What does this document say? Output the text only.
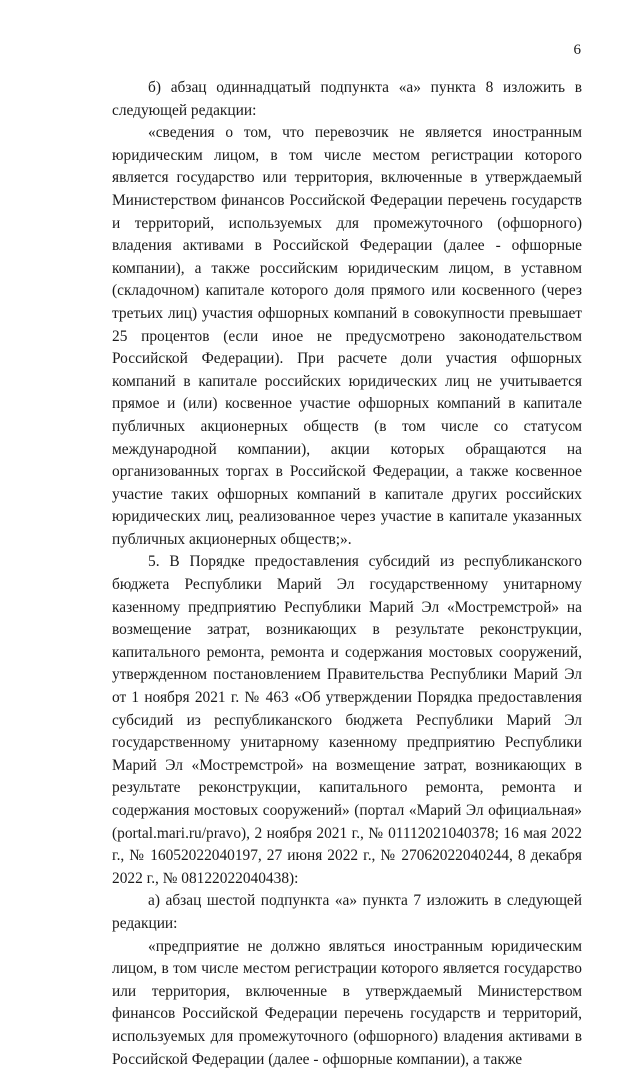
6

б) абзац одиннадцатый подпункта «а» пункта 8 изложить в следующей редакции:

«сведения о том, что перевозчик не является иностранным юридическим лицом, в том числе местом регистрации которого является государство или территория, включенные в утверждаемый Министерством финансов Российской Федерации перечень государств и территорий, используемых для промежуточного (офшорного) владения активами в Российской Федерации (далее - офшорные компании), а также российским юридическим лицом, в уставном (складочном) капитале которого доля прямого или косвенного (через третьих лиц) участия офшорных компаний в совокупности превышает 25 процентов (если иное не предусмотрено законодательством Российской Федерации). При расчете доли участия офшорных компаний в капитале российских юридических лиц не учитывается прямое и (или) косвенное участие офшорных компаний в капитале публичных акционерных обществ (в том числе со статусом международной компании), акции которых обращаются на организованных торгах в Российской Федерации, а также косвенное участие таких офшорных компаний в капитале других российских юридических лиц, реализованное через участие в капитале указанных публичных акционерных обществ;».

5. В Порядке предоставления субсидий из республиканского бюджета Республики Марий Эл государственному унитарному казенному предприятию Республики Марий Эл «Мостремстрой» на возмещение затрат, возникающих в результате реконструкции, капитального ремонта, ремонта и содержания мостовых сооружений, утвержденном постановлением Правительства Республики Марий Эл от 1 ноября 2021 г. № 463 «Об утверждении Порядка предоставления субсидий из республиканского бюджета Республики Марий Эл государственному унитарному казенному предприятию Республики Марий Эл «Мостремстрой» на возмещение затрат, возникающих в результате реконструкции, капитального ремонта, ремонта и содержания мостовых сооружений» (портал «Марий Эл официальная» (portal.mari.ru/pravo), 2 ноября 2021 г., № 01112021040378; 16 мая 2022 г., № 16052022040197, 27 июня 2022 г., № 27062022040244, 8 декабря 2022 г., № 08122022040438):

а) абзац шестой подпункта «а» пункта 7 изложить в следующей редакции:

«предприятие не должно являться иностранным юридическим лицом, в том числе местом регистрации которого является государство или территория, включенные в утверждаемый Министерством финансов Российской Федерации перечень государств и территорий, используемых для промежуточного (офшорного) владения активами в Российской Федерации (далее - офшорные компании), а также
